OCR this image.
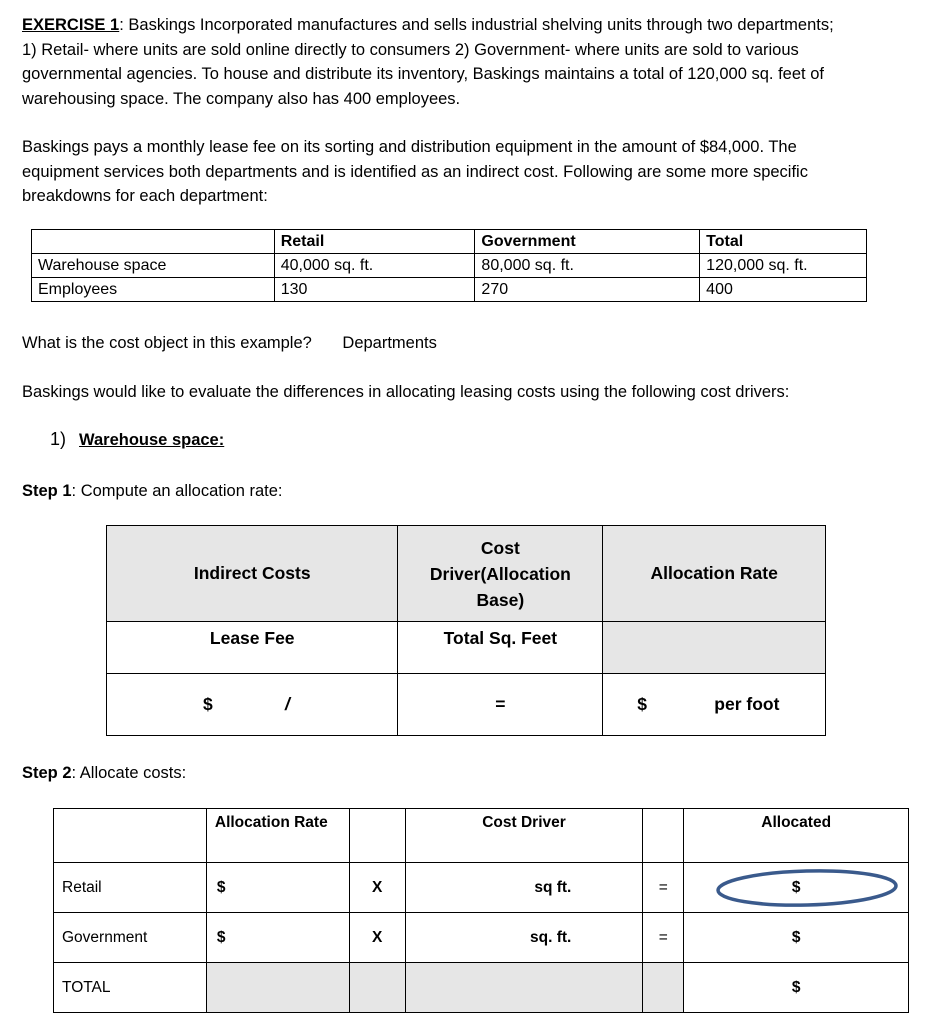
EXERCISE 1: Baskings Incorporated manufactures and sells industrial shelving units through two departments;
1) Retail- where units are sold online directly to consumers 2) Government- where units are sold to various
governmental agencies. To house and distribute its inventory, Baskings maintains a total of 120,000 sq. feet of
warehousing space. The company also has 400 employees.
Baskings pays a monthly lease fee on its sorting and distribution equipment in the amount of $84,000. The
equipment services both departments and is identified as an indirect cost. Following are some more specific
breakdowns for each department:
	Retail	Government	Total
Warehouse space	40,000 sq. ft.	80,000 sq. ft.	120,000 sq. ft.
Employees	130	270	400
What is the cost object in this example? Departments
Baskings would like to evaluate the differences in allocating leasing costs using the following cost drivers:
1) Warehouse space:
Step 1: Compute an allocation rate:
Indirect Costs	Cost
Driver(Allocation
Base)	Allocation Rate
Lease Fee	Total Sq. Feet	

$ /	=	$ per foot
Step 2: Allocate costs:
	Allocation Rate		Cost Driver		Allocated
Retail	$	X	sq ft.	=	$

Government	$	X	sq. ft.	=	$
TOTAL					$
